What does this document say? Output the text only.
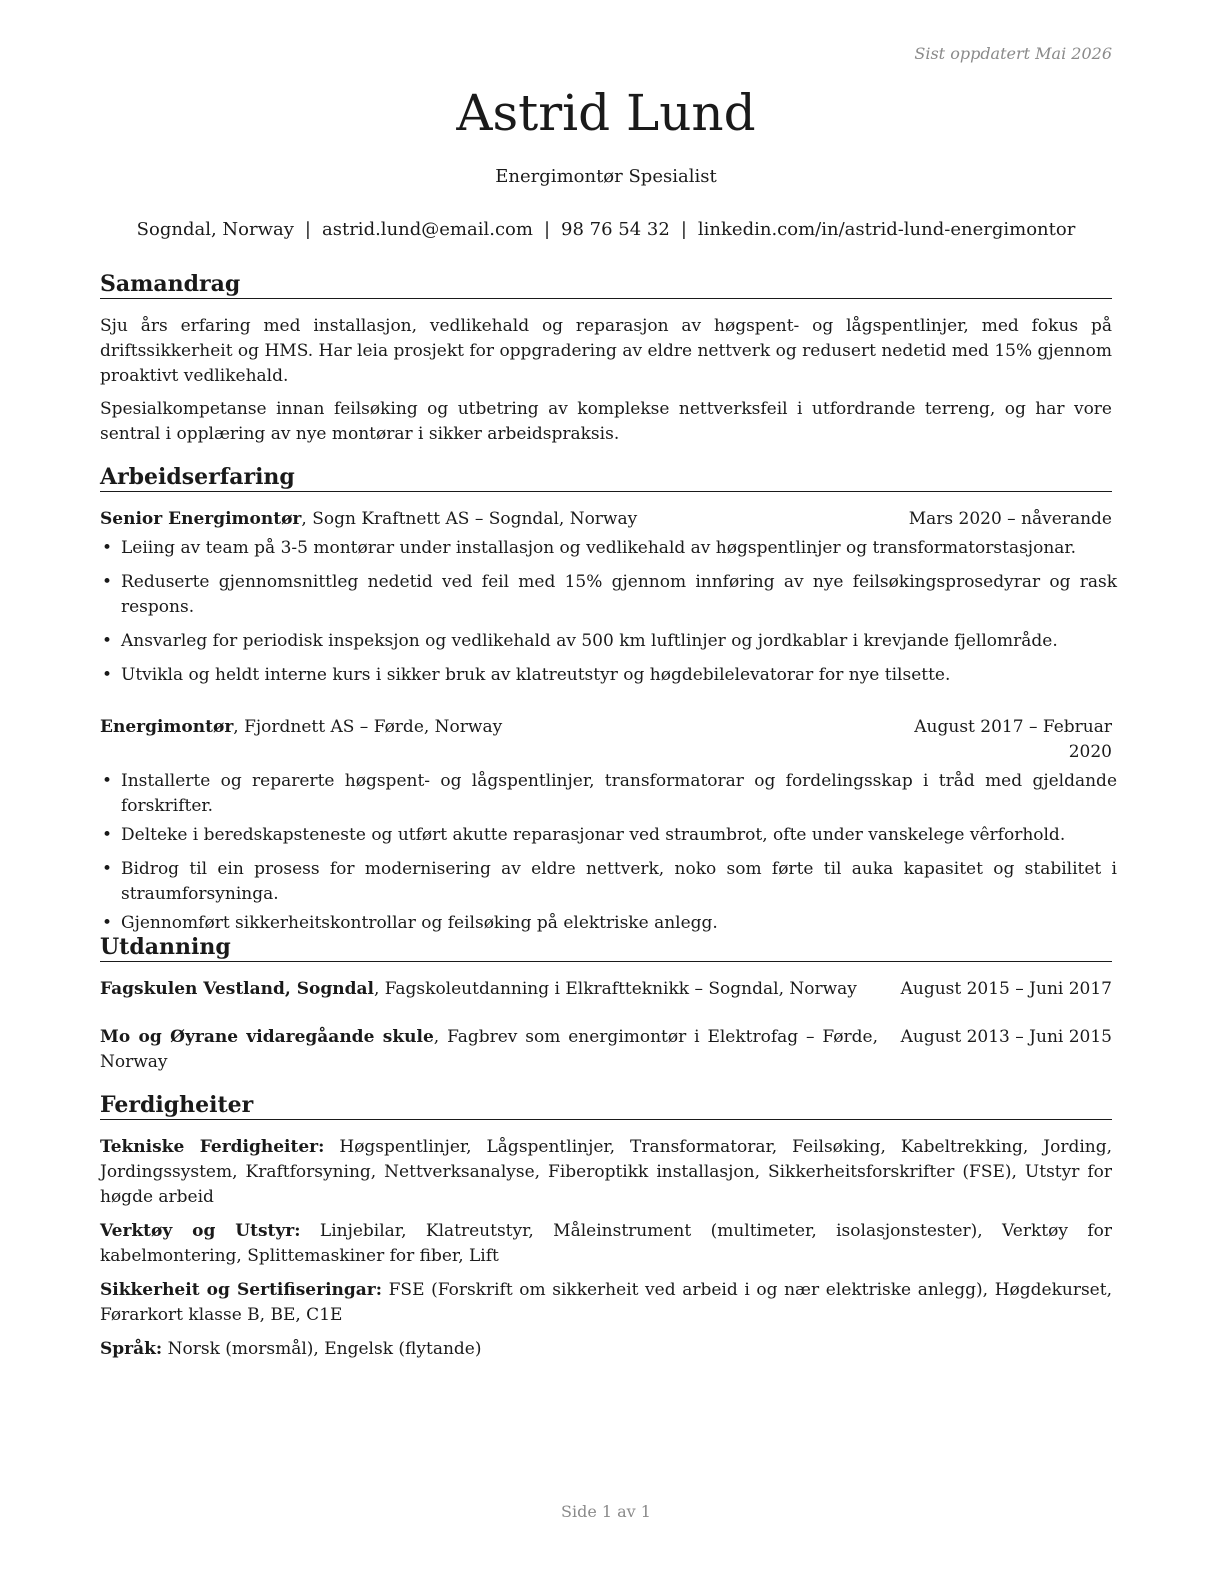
Sist oppdatert Mai 2026
Astrid Lund
Energimontør Spesialist
Sogndal, Norway | astrid.lund@email.com | 98 76 54 32 | linkedin.com/in/astrid-lund-energimontor
Samandrag

Sju års erfaring med installasjon, vedlikehald og reparasjon av høgspent- og lågspentlinjer, med fokus på driftssikkerheit og HMS. Har leia prosjekt for oppgradering av eldre nettverk og redusert nedetid med 15% gjennom proaktivt vedlikehald.

Spesialkompetanse innan feilsøking og utbetring av komplekse nettverksfeil i utfordrande terreng, og har vore sentral i opplæring av nye montørar i sikker arbeidspraksis.

Arbeidserfaring
Senior Energimontør, Sogn Kraftnett AS – Sogndal, Norway	Mars 2020 – nåverande
• Leiing av team på 3-5 montørar under installasjon og vedlikehald av høgspentlinjer og transformatorstasjonar.
• Reduserte gjennomsnittleg nedetid ved feil med 15% gjennom innføring av nye feilsøkingsprosedyrar og rask respons.
• Ansvarleg for periodisk inspeksjon og vedlikehald av 500 km luftlinjer og jordkablar i krevjande fjellområde.
• Utvikla og heldt interne kurs i sikker bruk av klatreutstyr og høgdebilelevatorar for nye tilsette.
Energimontør, Fjordnett AS – Førde, Norway	August 2017 – Februar
2020
• Installerte og reparerte høgspent- og lågspentlinjer, transformatorar og fordelingsskap i tråd med gjeldande forskrifter.
• Delteke i beredskapsteneste og utført akutte reparasjonar ved straumbrot, ofte under vanskelege vêrforhold.
• Bidrog til ein prosess for modernisering av eldre nettverk, noko som førte til auka kapasitet og stabilitet i straumforsyninga.
• Gjennomført sikkerheitskontrollar og feilsøking på elektriske anlegg.
Utdanning
Fagskulen Vestland, Sogndal, Fagskoleutdanning i Elkraftteknikk – Sogndal, Norway	August 2015 – Juni 2017
Mo og Øyrane vidaregåande skule, Fagbrev som energimontør i Elektrofag – Førde, Norway
August 2013 – Juni 2015
Ferdigheiter
Tekniske Ferdigheiter: Høgspentlinjer, Lågspentlinjer, Transformatorar, Feilsøking, Kabeltrekking, Jording, Jordingssystem, Kraftforsyning, Nettverksanalyse, Fiberoptikk installasjon, Sikkerheitsforskrifter (FSE), Utstyr for høgde arbeid
Verktøy og Utstyr: Linjebilar, Klatreutstyr, Måleinstrument (multimeter, isolasjonstester), Verktøy for kabelmontering, Splittemaskiner for fiber, Lift
Sikkerheit og Sertifiseringar: FSE (Forskrift om sikkerheit ved arbeid i og nær elektriske anlegg), Høgdekurset, Førarkort klasse B, BE, C1E
Språk: Norsk (morsmål), Engelsk (flytande)
Side 1 av 1
